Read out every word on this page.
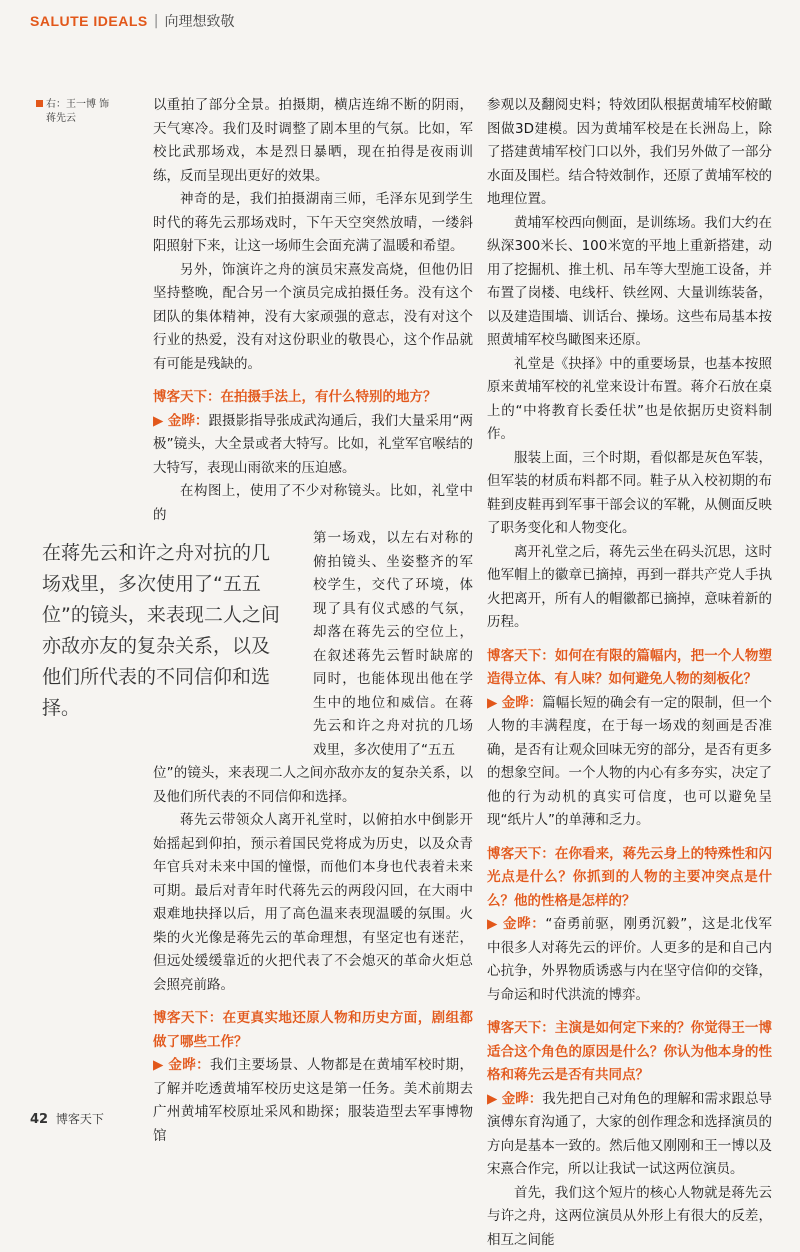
SALUTE IDEALS | 向理想致敬
右：王一博 饰
蒋先云
在蒋先云和许之舟对抗的几场戏里，多次使用了“五五位”的镜头，来表现二人之间亦敌亦友的复杂关系，以及他们所代表的不同信仰和选择。

以重拍了部分全景。拍摄期，横店连绵不断的阴雨，天气寒冷。我们及时调整了剧本里的气氛。比如，军校比武那场戏，本是烈日暴晒，现在拍得是夜雨训练，反而呈现出更好的效果。

神奇的是，我们拍摄湖南三师，毛泽东见到学生时代的蒋先云那场戏时，下午天空突然放晴，一缕斜阳照射下来，让这一场师生会面充满了温暖和希望。

另外，饰演许之舟的演员宋熹发高烧，但他仍旧坚持整晚，配合另一个演员完成拍摄任务。没有这个团队的集体精神，没有大家顽强的意志，没有对这个行业的热爱，没有对这份职业的敬畏心，这个作品就有可能是残缺的。

博客天下：在拍摄手法上，有什么特别的地方？

▶ 金晔：跟摄影指导张成武沟通后，我们大量采用“两极”镜头，大全景或者大特写。比如，礼堂军官喉结的大特写，表现山雨欲来的压迫感。

在构图上，使用了不少对称镜头。比如，礼堂中的

第一场戏，以左右对称的俯拍镜头、坐姿整齐的军校学生，交代了环境，体现了具有仪式感的气氛，却落在蒋先云的空位上，在叙述蒋先云暂时缺席的同时，也能体现出他在学生中的地位和威信。在蒋先云和许之舟对抗的几场戏里，多次使用了“五五

位”的镜头，来表现二人之间亦敌亦友的复杂关系，以及他们所代表的不同信仰和选择。

蒋先云带领众人离开礼堂时，以俯拍水中倒影开始摇起到仰拍，预示着国民党将成为历史，以及众青年官兵对未来中国的憧憬，而他们本身也代表着未来可期。最后对青年时代蒋先云的两段闪回，在大雨中艰难地抉择以后，用了高色温来表现温暖的氛围。火柴的火光像是蒋先云的革命理想，有坚定也有迷茫，但远处缓缓靠近的火把代表了不会熄灭的革命火炬总会照亮前路。

博客天下：在更真实地还原人物和历史方面，剧组都做了哪些工作？

▶ 金晔：我们主要场景、人物都是在黄埔军校时期，了解并吃透黄埔军校历史这是第一任务。美术前期去广州黄埔军校原址采风和勘探；服装造型去军事博物馆

参观以及翻阅史料；特效团队根据黄埔军校俯瞰图做3D建模。因为黄埔军校是在长洲岛上，除了搭建黄埔军校门口以外，我们另外做了一部分水面及围栏。结合特效制作，还原了黄埔军校的地理位置。

黄埔军校西向侧面，是训练场。我们大约在纵深300米长、100米宽的平地上重新搭建，动用了挖掘机、推土机、吊车等大型施工设备，并布置了岗楼、电线杆、铁丝网、大量训练装备，以及建造围墙、训话台、操场。这些布局基本按照黄埔军校鸟瞰图来还原。

礼堂是《抉择》中的重要场景，也基本按照原来黄埔军校的礼堂来设计布置。蒋介石放在桌上的“中将教育长委任状”也是依据历史资料制作。

服装上面，三个时期，看似都是灰色军装，但军装的材质布料都不同。鞋子从入校初期的布鞋到皮鞋再到军事干部会议的军靴，从侧面反映了职务变化和人物变化。

离开礼堂之后，蒋先云坐在码头沉思，这时他军帽上的徽章已摘掉，再到一群共产党人手执火把离开，所有人的帽徽都已摘掉，意味着新的历程。

博客天下：如何在有限的篇幅内，把一个人物塑造得立体、有人味？如何避免人物的刻板化？

▶ 金晔：篇幅长短的确会有一定的限制，但一个人物的丰满程度，在于每一场戏的刻画是否准确，是否有让观众回味无穷的部分，是否有更多的想象空间。一个人物的内心有多夯实，决定了他的行为动机的真实可信度，也可以避免呈现“纸片人”的单薄和乏力。

博客天下：在你看来，蒋先云身上的特殊性和闪光点是什么？你抓到的人物的主要冲突点是什么？他的性格是怎样的？

▶ 金晔：“奋勇前驱，刚勇沉毅”，这是北伐军中很多人对蒋先云的评价。人更多的是和自己内心抗争，外界物质诱惑与内在坚守信仰的交锋，与命运和时代洪流的博弈。

博客天下：主演是如何定下来的？你觉得王一博适合这个角色的原因是什么？你认为他本身的性格和蒋先云是否有共同点？

▶ 金晔：我先把自己对角色的理解和需求跟总导演傅东育沟通了，大家的创作理念和选择演员的方向是基本一致的。然后他又刚刚和王一博以及宋熹合作完，所以让我试一试这两位演员。

首先，我们这个短片的核心人物就是蒋先云与许之舟，这两位演员从外形上有很大的反差，相互之间能

42 博客天下
